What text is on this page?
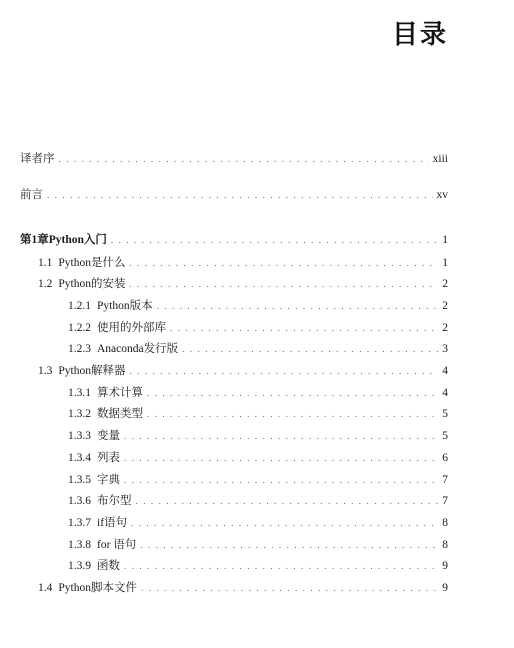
目录
译者序 . . .	xiii
前言 . . .	xv
第1章 Python入门 . . .	1
1.1 Python是什么 . . .	1
1.2 Python的安装 . . .	2
1.2.1 Python版本 . . .	2
1.2.2 使用的外部库 . . .	2
1.2.3 Anaconda发行版 . . .	3
1.3 Python解释器 . . .	4
1.3.1 算术计算 . . .	4
1.3.2 数据类型 . . .	5
1.3.3 变量 . . .	5
1.3.4 列表 . . .	6
1.3.5 字典 . . .	7
1.3.6 布尔型 . . .	7
1.3.7 if语句 . . .	8
1.3.8 for 语句 . . .	8
1.3.9 函数 . . .	9
1.4 Python脚本文件 . . .	9
